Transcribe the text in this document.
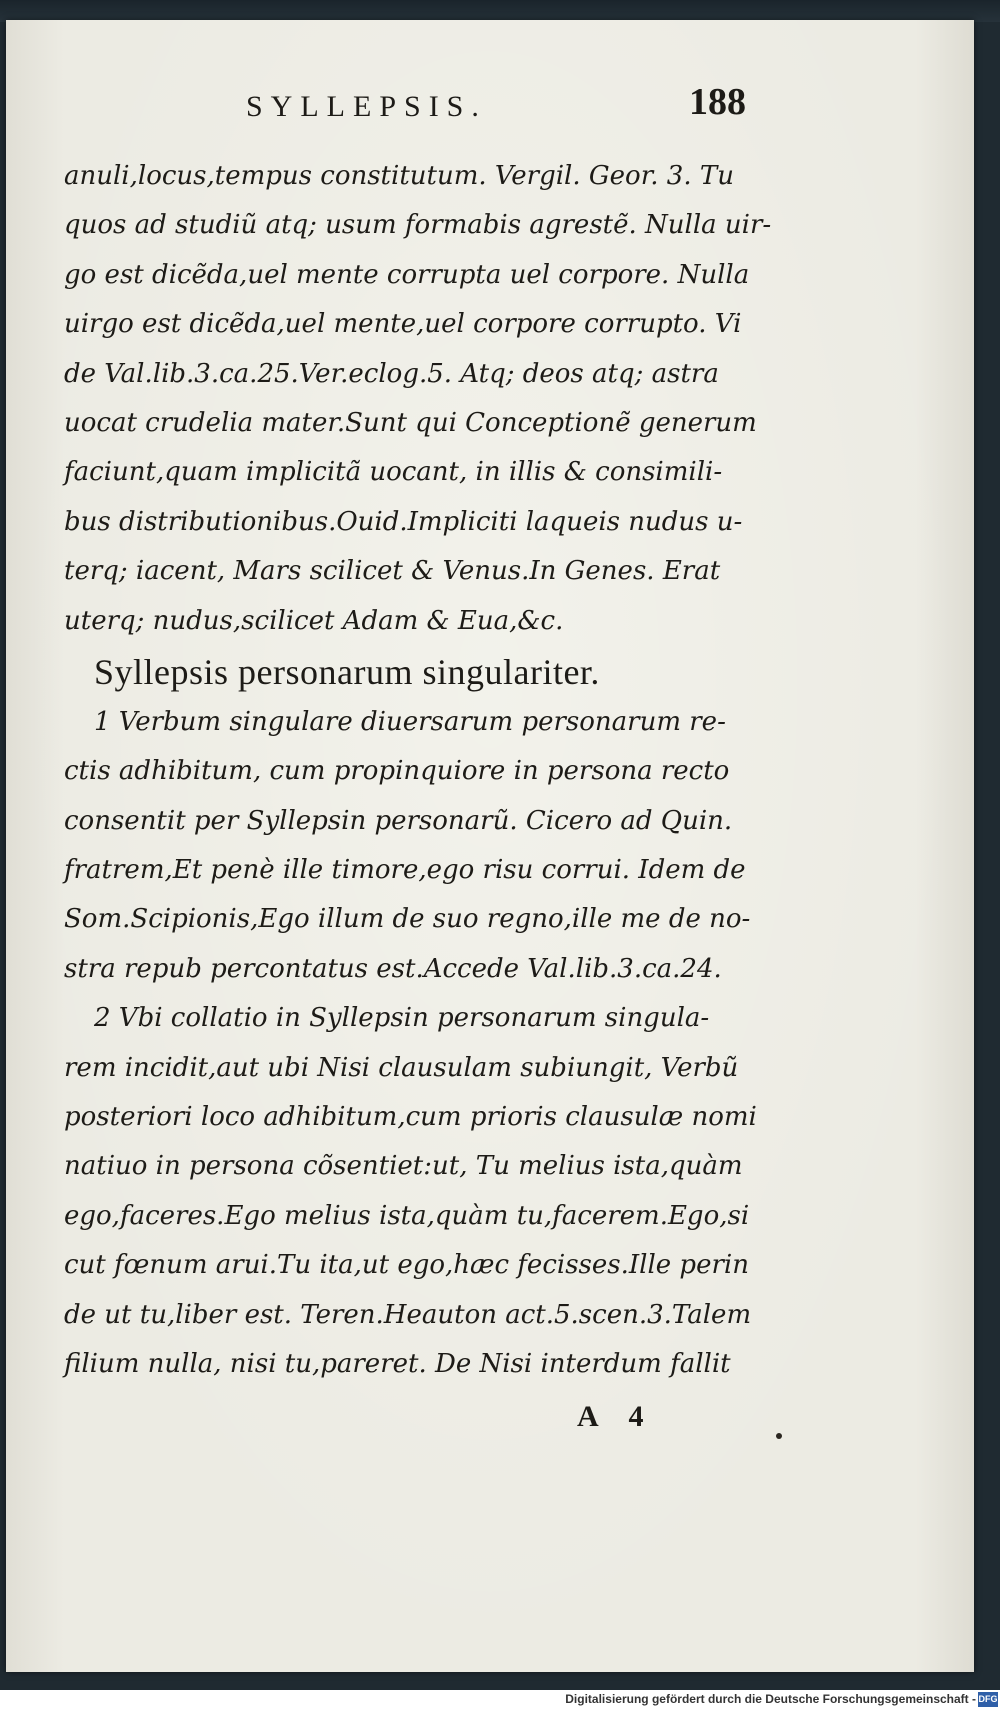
SYLLEPSIS.	188
anuli,locus,tempus constitutum. Vergil. Geor. 3. Tu
quos ad studiũ atq; usum formabis agrestẽ. Nulla uir-
go est dicẽda,uel mente corrupta uel corpore. Nulla
uirgo est dicẽda,uel mente,uel corpore corrupto. Vi
de Val.lib.3.ca.25.Ver.eclog.5. Atq; deos atq; astra
uocat crudelia mater.Sunt qui Conceptionẽ generum
faciunt,quam implicitã uocant, in illis & consimili-
bus distributionibus.Ouid.Impliciti laqueis nudus u-
terq; iacent, Mars scilicet & Venus.In Genes. Erat
uterq; nudus,scilicet Adam & Eua,&c.
Syllepsis personarum singulariter.
1 Verbum singulare diuersarum personarum re-
ctis adhibitum, cum propinquiore in persona recto
consentit per Syllepsin personarũ. Cicero ad Quin.
fratrem,Et penè ille timore,ego risu corrui. Idem de
Som.Scipionis,Ego illum de suo regno,ille me de no-
stra repub percontatus est.Accede Val.lib.3.ca.24.
2 Vbi collatio in Syllepsin personarum singula-
rem incidit,aut ubi Nisi clausulam subiungit, Verbũ
posteriori loco adhibitum,cum prioris clausulæ nomi
natiuo in persona cõsentiet:ut, Tu melius ista,quàm
ego,faceres.Ego melius ista,quàm tu,facerem.Ego,si
cut fœnum arui.Tu ita,ut ego,hæc fecisses.Ille perin
de ut tu,liber est. Teren.Heauton act.5.scen.3.Talem
filium nulla, nisi tu,pareret. De Nisi interdum fallit
A 4
Digitalisierung gefördert durch die Deutsche Forschungsgemeinschaft - DFG
